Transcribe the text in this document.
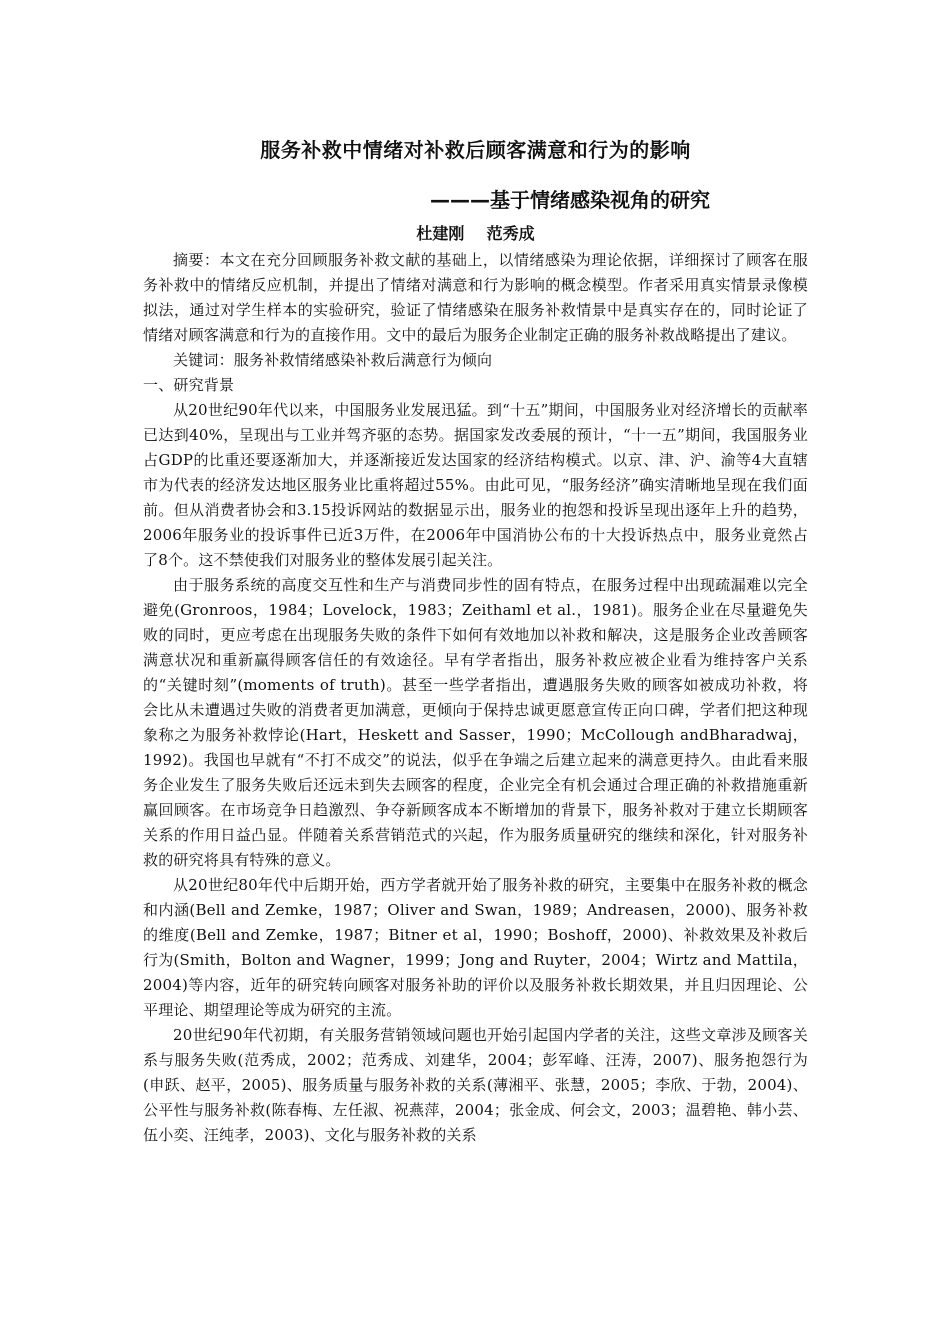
服务补救中情绪对补救后顾客满意和行为的影响
———基于情绪感染视角的研究
杜建刚    范秀成

摘要：本文在充分回顾服务补救文献的基础上，以情绪感染为理论依据，详细探讨了顾客在服务补救中的情绪反应机制，并提出了情绪对满意和行为影响的概念模型。作者采用真实情景录像模拟法，通过对学生样本的实验研究，验证了情绪感染在服务补救情景中是真实存在的，同时论证了情绪对顾客满意和行为的直接作用。文中的最后为服务企业制定正确的服务补救战略提出了建议。

关键词：服务补救情绪感染补救后满意行为倾向

一、研究背景

从20世纪90年代以来，中国服务业发展迅猛。到“十五”期间，中国服务业对经济增长的贡献率已达到40%，呈现出与工业并驾齐驱的态势。据国家发改委展的预计，“十一五”期间，我国服务业占GDP的比重还要逐渐加大，并逐渐接近发达国家的经济结构模式。以京、津、沪、渝等4大直辖市为代表的经济发达地区服务业比重将超过55%。由此可见，“服务经济”确实清晰地呈现在我们面前。但从消费者协会和3.15投诉网站的数据显示出，服务业的抱怨和投诉呈现出逐年上升的趋势，2006年服务业的投诉事件已近3万件，在2006年中国消协公布的十大投诉热点中，服务业竟然占了8个。这不禁使我们对服务业的整体发展引起关注。

由于服务系统的高度交互性和生产与消费同步性的固有特点，在服务过程中出现疏漏难以完全避免(Gronroos，1984；Lovelock，1983；Zeithaml et al.，1981)。服务企业在尽量避免失败的同时，更应考虑在出现服务失败的条件下如何有效地加以补救和解决，这是服务企业改善顾客满意状况和重新赢得顾客信任的有效途径。早有学者指出，服务补救应被企业看为维持客户关系的“关键时刻”(moments of truth)。甚至一些学者指出，遭遇服务失败的顾客如被成功补救，将会比从未遭遇过失败的消费者更加满意，更倾向于保持忠诚更愿意宣传正向口碑，学者们把这种现象称之为服务补救悖论(Hart，Heskett and Sasser，1990；McCollough andBharadwaj，1992)。我国也早就有“不打不成交”的说法，似乎在争端之后建立起来的满意更持久。由此看来服务企业发生了服务失败后还远未到失去顾客的程度，企业完全有机会通过合理正确的补救措施重新赢回顾客。在市场竞争日趋激烈、争夺新顾客成本不断增加的背景下，服务补救对于建立长期顾客关系的作用日益凸显。伴随着关系营销范式的兴起，作为服务质量研究的继续和深化，针对服务补救的研究将具有特殊的意义。

从20世纪80年代中后期开始，西方学者就开始了服务补救的研究，主要集中在服务补救的概念和内涵(Bell and Zemke，1987；Oliver and Swan，1989；Andreasen，2000)、服务补救的维度(Bell and Zemke，1987；Bitner et al，1990；Boshoff，2000)、补救效果及补救后行为(Smith，Bolton and Wagner，1999；Jong and Ruyter，2004；Wirtz and Mattila，2004)等内容，近年的研究转向顾客对服务补助的评价以及服务补救长期效果，并且归因理论、公平理论、期望理论等成为研究的主流。

20世纪90年代初期，有关服务营销领域问题也开始引起国内学者的关注，这些文章涉及顾客关系与服务失败(范秀成，2002；范秀成、刘建华，2004；彭军峰、汪涛，2007)、服务抱怨行为(申跃、赵平，2005)、服务质量与服务补救的关系(薄湘平、张慧，2005；李欣、于勃，2004)、公平性与服务补救(陈春梅、左任淑、祝燕萍，2004；张金成、何会文，2003；温碧艳、韩小芸、伍小奕、汪纯孝，2003)、文化与服务补救的关系
